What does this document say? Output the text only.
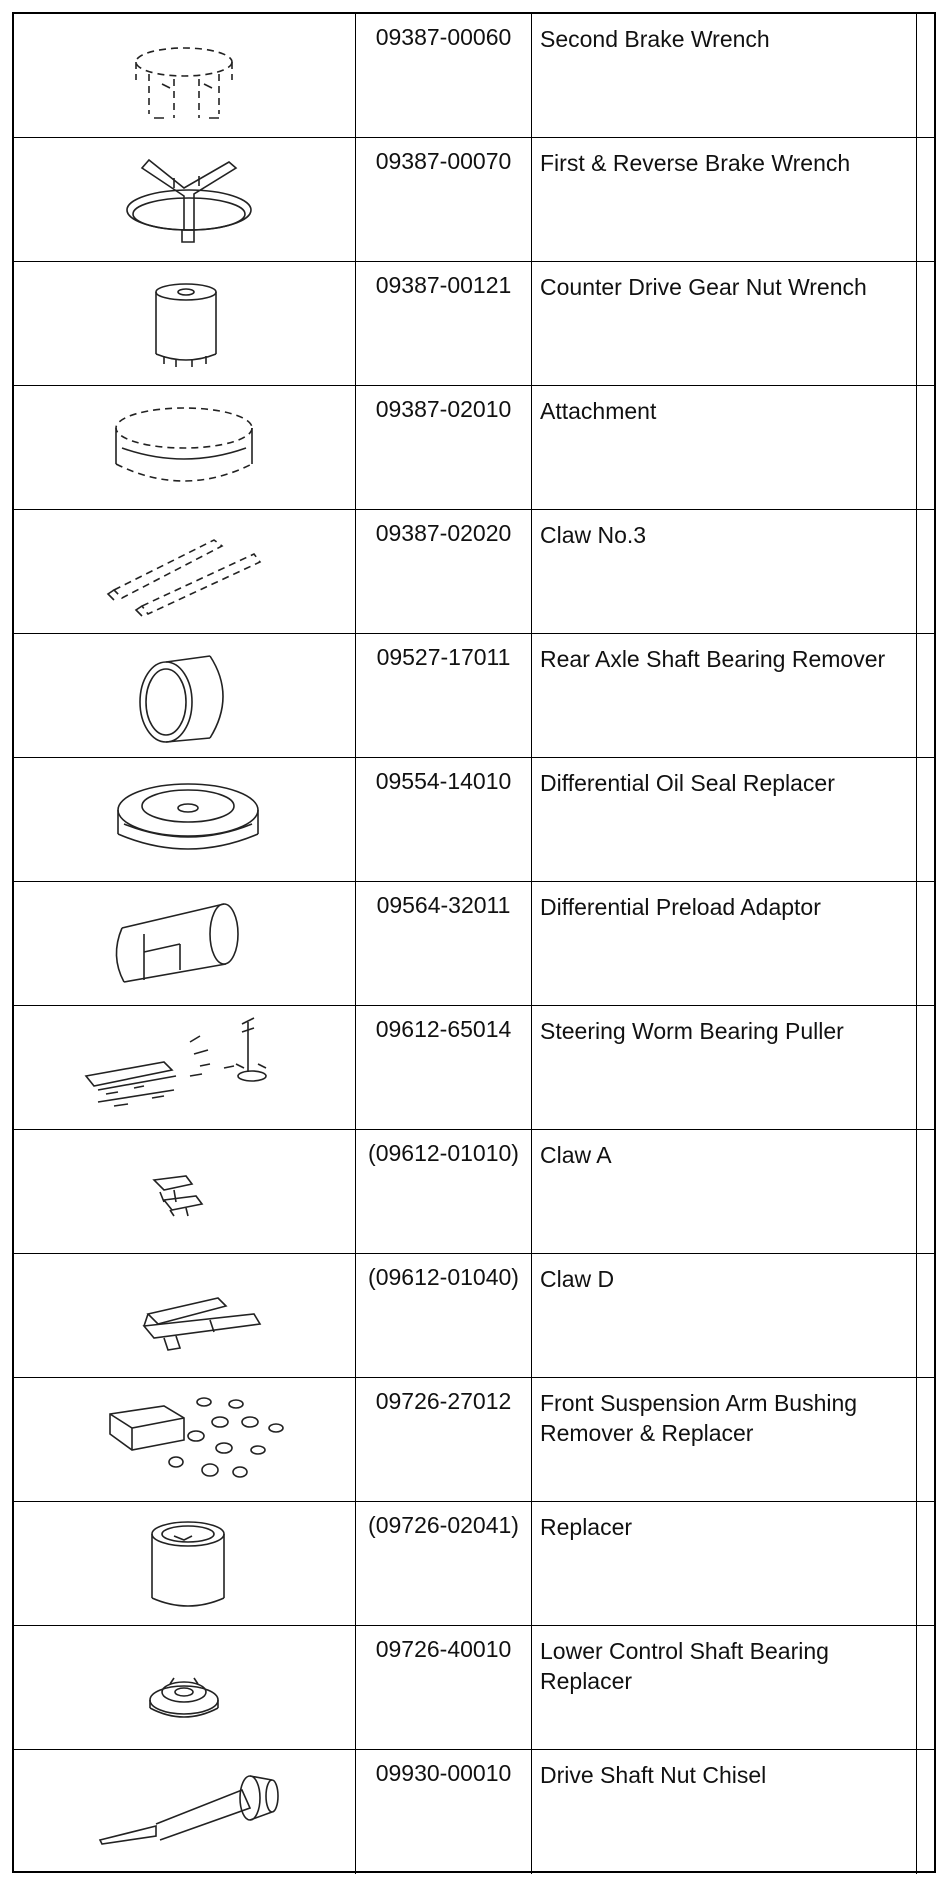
09387-00060	Second Brake Wrench
09387-00070	First & Reverse Brake Wrench
09387-00121	Counter Drive Gear Nut Wrench
09387-02010	Attachment
09387-02020	Claw No.3
09527-17011	Rear Axle Shaft Bearing Remover
09554-14010	Differential Oil Seal Replacer
09564-32011	Differential Preload Adaptor
09612-65014	Steering Worm Bearing Puller
(09612-01010) Claw A
(09612-01040) Claw D
09726-27012	Front Suspension Arm Bushing Remover & Replacer
(09726-02041) Replacer
09726-40010	Lower Control Shaft Bearing Replacer
09930-00010	Drive Shaft Nut Chisel
